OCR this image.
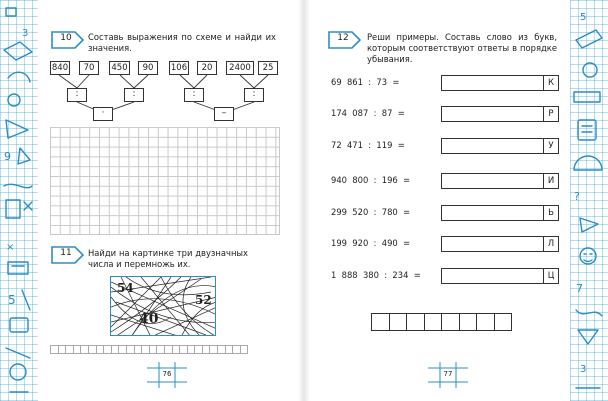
3
9
×
5
5
?
7
3
10	Составь выражения по схеме и найди их значения.
840	70	450	90
:	:
·
106	20	2400	25
:	:
–
11	Найди на картинке три двузначных числа и перемножь их.
54
52
40
76
12	Реши примеры. Составь слово из букв, которым соответствуют ответы в порядке убывания.
69  861  :  73  =	К
174  087  :  87  =	Р
72  471  :  119  =	У
940  800  :  196  =	И
299  520  :  780  =	Ь
199  920  :  490  =	Л
1  888  380  :  234  =	Ц
77
